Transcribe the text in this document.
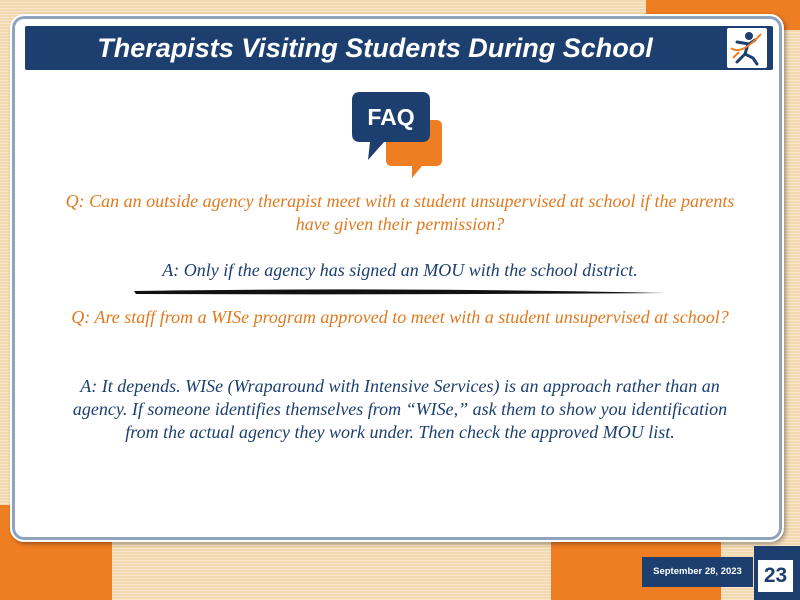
Therapists Visiting Students During School
FAQ
Q: Can an outside agency therapist meet with a student unsupervised at school if the parents have given their permission?
A: Only if the agency has signed an MOU with the school district.
Q: Are staff from a WISe program approved to meet with a student unsupervised at school?
A: It depends. WISe (Wraparound with Intensive Services) is an approach rather than an agency. If someone identifies themselves from “WISe,” ask them to show you identification from the actual agency they work under. Then check the approved MOU list.
September 28, 2023	23
